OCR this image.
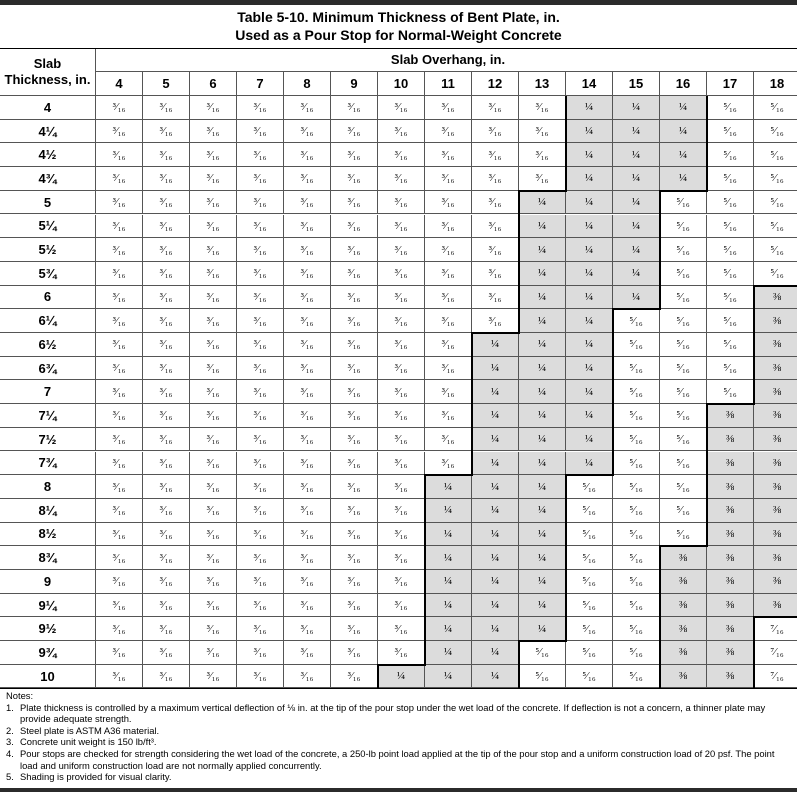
Table 5-10. Minimum Thickness of Bent Plate, in.
Used as a Pour Stop for Normal-Weight Concrete
Slab Thickness, in.
Slab Overhang, in.
4	5	6	7	8	9	10	11	12	13	14	15	16	17	18
4	³⁄₁₆	³⁄₁₆	³⁄₁₆	³⁄₁₆	³⁄₁₆	³⁄₁₆	³⁄₁₆	³⁄₁₆	³⁄₁₆	³⁄₁₆	¼	¼	¼	⁵⁄₁₆	⁵⁄₁₆
4¼	³⁄₁₆	³⁄₁₆	³⁄₁₆	³⁄₁₆	³⁄₁₆	³⁄₁₆	³⁄₁₆	³⁄₁₆	³⁄₁₆	³⁄₁₆	¼	¼	¼	⁵⁄₁₆	⁵⁄₁₆
4½	³⁄₁₆	³⁄₁₆	³⁄₁₆	³⁄₁₆	³⁄₁₆	³⁄₁₆	³⁄₁₆	³⁄₁₆	³⁄₁₆	³⁄₁₆	¼	¼	¼	⁵⁄₁₆	⁵⁄₁₆
4¾	³⁄₁₆	³⁄₁₆	³⁄₁₆	³⁄₁₆	³⁄₁₆	³⁄₁₆	³⁄₁₆	³⁄₁₆	³⁄₁₆	³⁄₁₆	¼	¼	¼	⁵⁄₁₆	⁵⁄₁₆
5	³⁄₁₆	³⁄₁₆	³⁄₁₆	³⁄₁₆	³⁄₁₆	³⁄₁₆	³⁄₁₆	³⁄₁₆	³⁄₁₆	¼	¼	¼	⁵⁄₁₆	⁵⁄₁₆	⁵⁄₁₆
5¼	³⁄₁₆	³⁄₁₆	³⁄₁₆	³⁄₁₆	³⁄₁₆	³⁄₁₆	³⁄₁₆	³⁄₁₆	³⁄₁₆	¼	¼	¼	⁵⁄₁₆	⁵⁄₁₆	⁵⁄₁₆
5½	³⁄₁₆	³⁄₁₆	³⁄₁₆	³⁄₁₆	³⁄₁₆	³⁄₁₆	³⁄₁₆	³⁄₁₆	³⁄₁₆	¼	¼	¼	⁵⁄₁₆	⁵⁄₁₆	⁵⁄₁₆
5¾	³⁄₁₆	³⁄₁₆	³⁄₁₆	³⁄₁₆	³⁄₁₆	³⁄₁₆	³⁄₁₆	³⁄₁₆	³⁄₁₆	¼	¼	¼	⁵⁄₁₆	⁵⁄₁₆	⁵⁄₁₆
6	³⁄₁₆	³⁄₁₆	³⁄₁₆	³⁄₁₆	³⁄₁₆	³⁄₁₆	³⁄₁₆	³⁄₁₆	³⁄₁₆	¼	¼	¼	⁵⁄₁₆	⁵⁄₁₆	⅜
6¼	³⁄₁₆	³⁄₁₆	³⁄₁₆	³⁄₁₆	³⁄₁₆	³⁄₁₆	³⁄₁₆	³⁄₁₆	³⁄₁₆	¼	¼	⁵⁄₁₆	⁵⁄₁₆	⁵⁄₁₆	⅜
6½	³⁄₁₆	³⁄₁₆	³⁄₁₆	³⁄₁₆	³⁄₁₆	³⁄₁₆	³⁄₁₆	³⁄₁₆	¼	¼	¼	⁵⁄₁₆	⁵⁄₁₆	⁵⁄₁₆	⅜
6¾	³⁄₁₆	³⁄₁₆	³⁄₁₆	³⁄₁₆	³⁄₁₆	³⁄₁₆	³⁄₁₆	³⁄₁₆	¼	¼	¼	⁵⁄₁₆	⁵⁄₁₆	⁵⁄₁₆	⅜
7	³⁄₁₆	³⁄₁₆	³⁄₁₆	³⁄₁₆	³⁄₁₆	³⁄₁₆	³⁄₁₆	³⁄₁₆	¼	¼	¼	⁵⁄₁₆	⁵⁄₁₆	⁵⁄₁₆	⅜
7¼	³⁄₁₆	³⁄₁₆	³⁄₁₆	³⁄₁₆	³⁄₁₆	³⁄₁₆	³⁄₁₆	³⁄₁₆	¼	¼	¼	⁵⁄₁₆	⁵⁄₁₆	⅜	⅜
7½	³⁄₁₆	³⁄₁₆	³⁄₁₆	³⁄₁₆	³⁄₁₆	³⁄₁₆	³⁄₁₆	³⁄₁₆	¼	¼	¼	⁵⁄₁₆	⁵⁄₁₆	⅜	⅜
7¾	³⁄₁₆	³⁄₁₆	³⁄₁₆	³⁄₁₆	³⁄₁₆	³⁄₁₆	³⁄₁₆	³⁄₁₆	¼	¼	¼	⁵⁄₁₆	⁵⁄₁₆	⅜	⅜
8	³⁄₁₆	³⁄₁₆	³⁄₁₆	³⁄₁₆	³⁄₁₆	³⁄₁₆	³⁄₁₆	¼	¼	¼	⁵⁄₁₆	⁵⁄₁₆	⁵⁄₁₆	⅜	⅜
8¼	³⁄₁₆	³⁄₁₆	³⁄₁₆	³⁄₁₆	³⁄₁₆	³⁄₁₆	³⁄₁₆	¼	¼	¼	⁵⁄₁₆	⁵⁄₁₆	⁵⁄₁₆	⅜	⅜
8½	³⁄₁₆	³⁄₁₆	³⁄₁₆	³⁄₁₆	³⁄₁₆	³⁄₁₆	³⁄₁₆	¼	¼	¼	⁵⁄₁₆	⁵⁄₁₆	⁵⁄₁₆	⅜	⅜
8¾	³⁄₁₆	³⁄₁₆	³⁄₁₆	³⁄₁₆	³⁄₁₆	³⁄₁₆	³⁄₁₆	¼	¼	¼	⁵⁄₁₆	⁵⁄₁₆	⅜	⅜	⅜
9	³⁄₁₆	³⁄₁₆	³⁄₁₆	³⁄₁₆	³⁄₁₆	³⁄₁₆	³⁄₁₆	¼	¼	¼	⁵⁄₁₆	⁵⁄₁₆	⅜	⅜	⅜
9¼	³⁄₁₆	³⁄₁₆	³⁄₁₆	³⁄₁₆	³⁄₁₆	³⁄₁₆	³⁄₁₆	¼	¼	¼	⁵⁄₁₆	⁵⁄₁₆	⅜	⅜	⅜
9½	³⁄₁₆	³⁄₁₆	³⁄₁₆	³⁄₁₆	³⁄₁₆	³⁄₁₆	³⁄₁₆	¼	¼	¼	⁵⁄₁₆	⁵⁄₁₆	⅜	⅜	⁷⁄₁₆
9¾	³⁄₁₆	³⁄₁₆	³⁄₁₆	³⁄₁₆	³⁄₁₆	³⁄₁₆	³⁄₁₆	¼	¼	⁵⁄₁₆	⁵⁄₁₆	⁵⁄₁₆	⅜	⅜	⁷⁄₁₆
10	³⁄₁₆	³⁄₁₆	³⁄₁₆	³⁄₁₆	³⁄₁₆	³⁄₁₆	¼	¼	¼	⁵⁄₁₆	⁵⁄₁₆	⁵⁄₁₆	⅜	⅜	⁷⁄₁₆
Notes:
1. Plate thickness is controlled by a maximum vertical deflection of ⅛ in. at the tip of the pour stop under the wet load of the concrete. If deflection is not a concern, a thinner plate may provide adequate strength.
2. Steel plate is ASTM A36 material.
3. Concrete unit weight is 150 lb/ft³.
4. Pour stops are checked for strength considering the wet load of the concrete, a 250-lb point load applied at the tip of the pour stop and a uniform construction load of 20 psf. The point load and uniform construction load are not normally applied concurrently.
5. Shading is provided for visual clarity.
